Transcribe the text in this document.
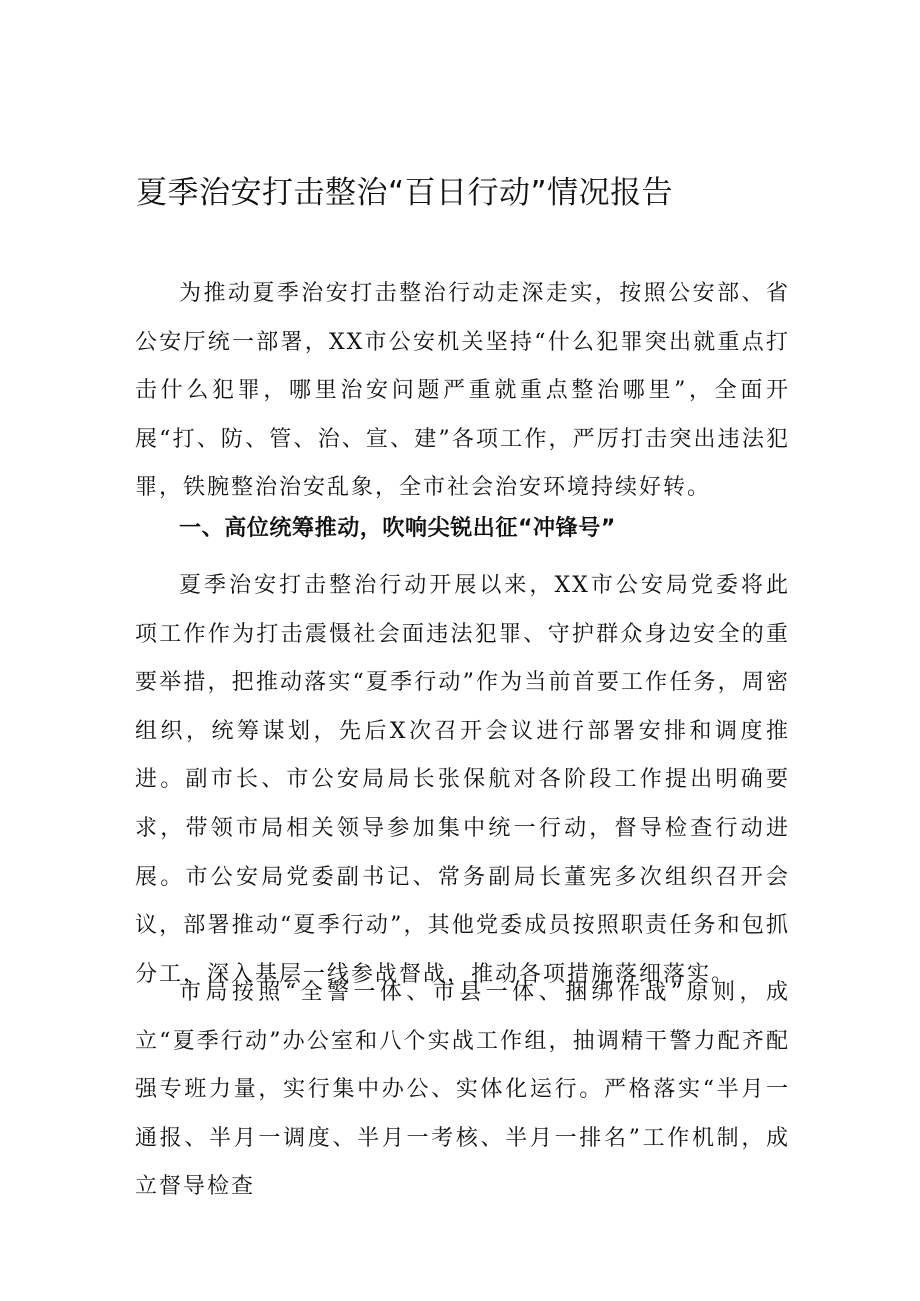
夏季治安打击整治“百日行动”情况报告

为推动夏季治安打击整治行动走深走实，按照公安部、省公安厅统一部署，XX市公安机关坚持“什么犯罪突出就重点打击什么犯罪，哪里治安问题严重就重点整治哪里”，全面开展“打、防、管、治、宣、建”各项工作，严厉打击突出违法犯罪，铁腕整治治安乱象，全市社会治安环境持续好转。

一、高位统筹推动，吹响尖锐出征“冲锋号”

夏季治安打击整治行动开展以来，XX市公安局党委将此项工作作为打击震慑社会面违法犯罪、守护群众身边安全的重要举措，把推动落实“夏季行动”作为当前首要工作任务，周密组织，统筹谋划，先后X次召开会议进行部署安排和调度推进。副市长、市公安局局长张保航对各阶段工作提出明确要求，带领市局相关领导参加集中统一行动，督导检查行动进展。市公安局党委副书记、常务副局长董宪多次组织召开会议，部署推动“夏季行动”，其他党委成员按照职责任务和包抓分工，深入基层一线参战督战，推动各项措施落细落实。

市局按照“全警一体、市县一体、捆绑作战”原则，成立“夏季行动”办公室和八个实战工作组，抽调精干警力配齐配强专班力量，实行集中办公、实体化运行。严格落实“半月一通报、半月一调度、半月一考核、半月一排名”工作机制，成立督导检查
